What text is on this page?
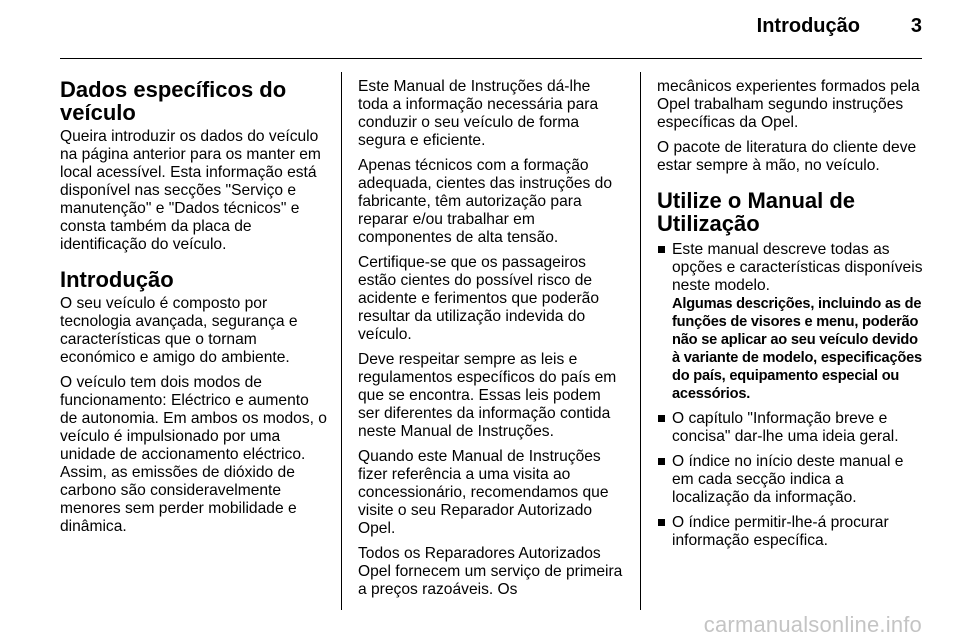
Introdução	3
Dados específicos do veículo

Queira introduzir os dados do veículo na página anterior para os manter em local acessível. Esta informação está disponível nas secções "Serviço e manutenção" e "Dados técnicos" e consta também da placa de identificação do veículo.

Introdução

O seu veículo é composto por tecnologia avançada, segurança e características que o tornam económico e amigo do ambiente.

O veículo tem dois modos de funcionamento: Eléctrico e aumento de autonomia. Em ambos os modos, o veículo é impulsionado por uma unidade de accionamento eléctrico. Assim, as emissões de dióxido de carbono são consideravelmente menores sem perder mobilidade e dinâmica.

Este Manual de Instruções dá-lhe toda a informação necessária para conduzir o seu veículo de forma segura e eficiente.

Apenas técnicos com a formação adequada, cientes das instruções do fabricante, têm autorização para reparar e/ou trabalhar em componentes de alta tensão.

Certifique-se que os passageiros estão cientes do possível risco de acidente e ferimentos que poderão resultar da utilização indevida do veículo.

Deve respeitar sempre as leis e regulamentos específicos do país em que se encontra. Essas leis podem ser diferentes da informação contida neste Manual de Instruções.

Quando este Manual de Instruções fizer referência a uma visita ao concessionário, recomendamos que visite o seu Reparador Autorizado Opel.

Todos os Reparadores Autorizados Opel fornecem um serviço de primeira a preços razoáveis. Os

mecânicos experientes formados pela Opel trabalham segundo instruções específicas da Opel.

O pacote de literatura do cliente deve estar sempre à mão, no veículo.

Utilize o Manual de Utilização
Este manual descreve todas as opções e características disponíveis neste modelo.
Algumas descrições, incluindo as de funções de visores e menu, poderão não se aplicar ao seu veículo devido à variante de modelo, especificações do país, equipamento especial ou acessórios.
O capítulo "Informação breve e concisa" dar-lhe uma ideia geral.
O índice no início deste manual e em cada secção indica a localização da informação.
O índice permitir-lhe-á procurar informação específica.
carmanualsonline.info
